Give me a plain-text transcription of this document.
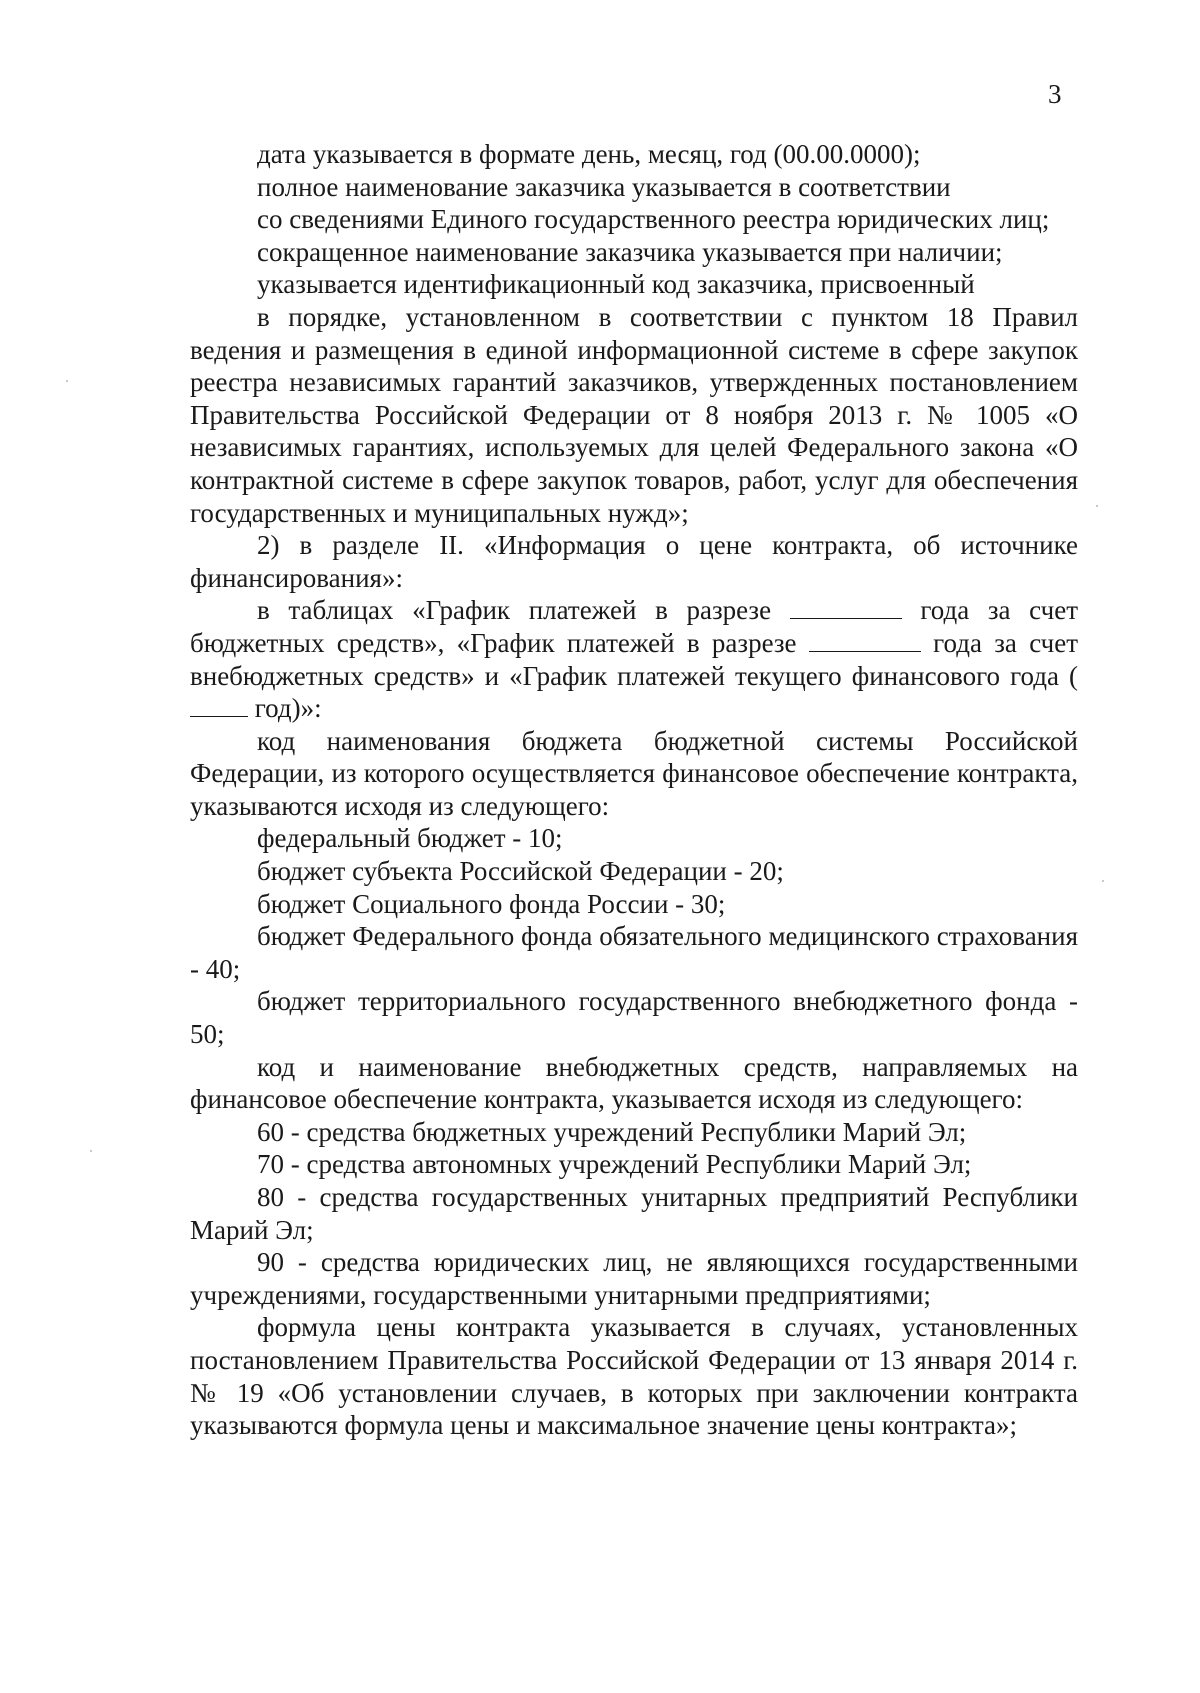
3

дата указывается в формате день, месяц, год (00.00.0000);

полное наименование заказчика указывается в соответствии

со сведениями Единого государственного реестра юридических лиц;

сокращенное наименование заказчика указывается при наличии;

указывается идентификационный код заказчика, присвоенный

в порядке, установленном в соответствии с пунктом 18 Правил ведения и размещения в единой информационной системе в сфере закупок реестра независимых гарантий заказчиков, утвержденных постановлением Правительства Российской Федерации от 8 ноября 2013 г. № 1005 «О независимых гарантиях, используемых для целей Федерального закона «О контрактной системе в сфере закупок товаров, работ, услуг для обеспечения государственных и муниципальных нужд»;

2) в разделе II. «Информация о цене контракта, об источнике финансирования»:

в таблицах «График платежей в разрезе	года за счет бюджетных средств», «График платежей в разрезе	года за счет внебюджетных средств» и «График платежей текущего финансового года ( год)»:

код наименования бюджета бюджетной системы Российской Федерации, из которого осуществляется финансовое обеспечение контракта, указываются исходя из следующего:

федеральный бюджет - 10;

бюджет субъекта Российской Федерации - 20;

бюджет Социального фонда России - 30;

бюджет Федерального фонда обязательного медицинского страхования - 40;

бюджет территориального государственного внебюджетного фонда - 50;

код и наименование внебюджетных средств, направляемых на финансовое обеспечение контракта, указывается исходя из следующего:

60 - средства бюджетных учреждений Республики Марий Эл;

70 - средства автономных учреждений Республики Марий Эл;

80 - средства государственных унитарных предприятий Республики Марий Эл;

90 - средства юридических лиц, не являющихся государственными учреждениями, государственными унитарными предприятиями;

формула цены контракта указывается в случаях, установленных постановлением Правительства Российской Федерации от 13 января 2014 г. № 19 «Об установлении случаев, в которых при заключении контракта указываются формула цены и максимальное значение цены контракта»;
